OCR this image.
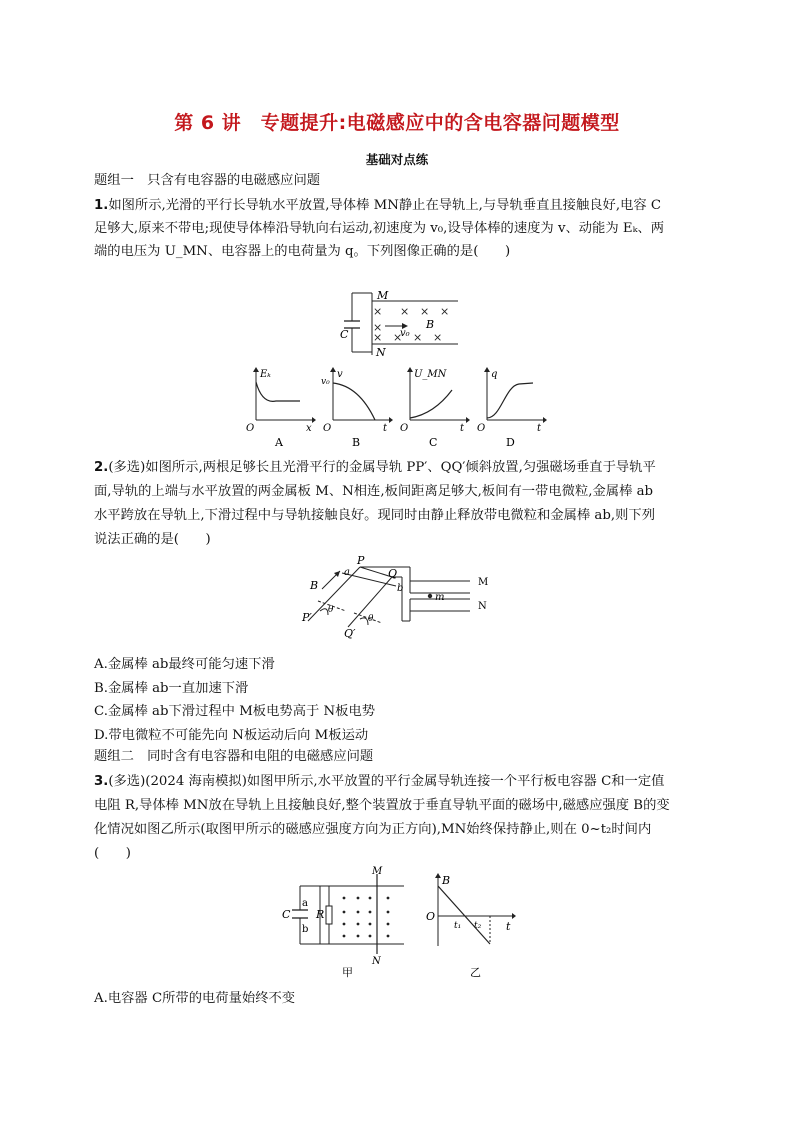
第 6 讲　专题提升:电磁感应中的含电容器问题模型
基础对点练
题组一　只含有电容器的电磁感应问题
1.如图所示,光滑的平行长导轨水平放置,导体棒 MN静止在导轨上,与导轨垂直且接触良好,电容 C
足够大,原来不带电;现使导体棒沿导轨向右运动,初速度为 v₀,设导体棒的速度为 v、动能为 Eₖ、两
端的电压为 U_MN、电容器上的电荷量为 q。下列图像正确的是(　　)
M
N
C
B
v₀
× × × ×
×
× × × ×
Eₖ
x
O
A
v
v₀
t
O
B
U_MN
t
O
C
q
t
O
D
2.(多选)如图所示,两根足够长且光滑平行的金属导轨 PP′、QQ′倾斜放置,匀强磁场垂直于导轨平
面,导轨的上端与水平放置的两金属板 M、N相连,板间距离足够大,板间有一带电微粒,金属棒 ab
水平跨放在导轨上,下滑过程中与导轨接触良好。现同时由静止释放带电微粒和金属棒 ab,则下列
说法正确的是(　　)
P
P′
Q
Q′
a
b
B
θ
θ
m
M
N
A.金属棒 ab最终可能匀速下滑
B.金属棒 ab一直加速下滑
C.金属棒 ab下滑过程中 M板电势高于 N板电势
D.带电微粒不可能先向 N板运动后向 M板运动
题组二　同时含有电容器和电阻的电磁感应问题
3.(多选)(2024 海南模拟)如图甲所示,水平放置的平行金属导轨连接一个平行板电容器 C和一定值
电阻 R,导体棒 MN放在导轨上且接触良好,整个装置放于垂直导轨平面的磁场中,磁感应强度 B的变
化情况如图乙所示(取图甲所示的磁感应强度方向为正方向),MN始终保持静止,则在 0~t₂时间内
(　　)
C
a
b
R
M
N
甲
B
O
t₁ t₂ t
乙
A.电容器 C所带的电荷量始终不变
